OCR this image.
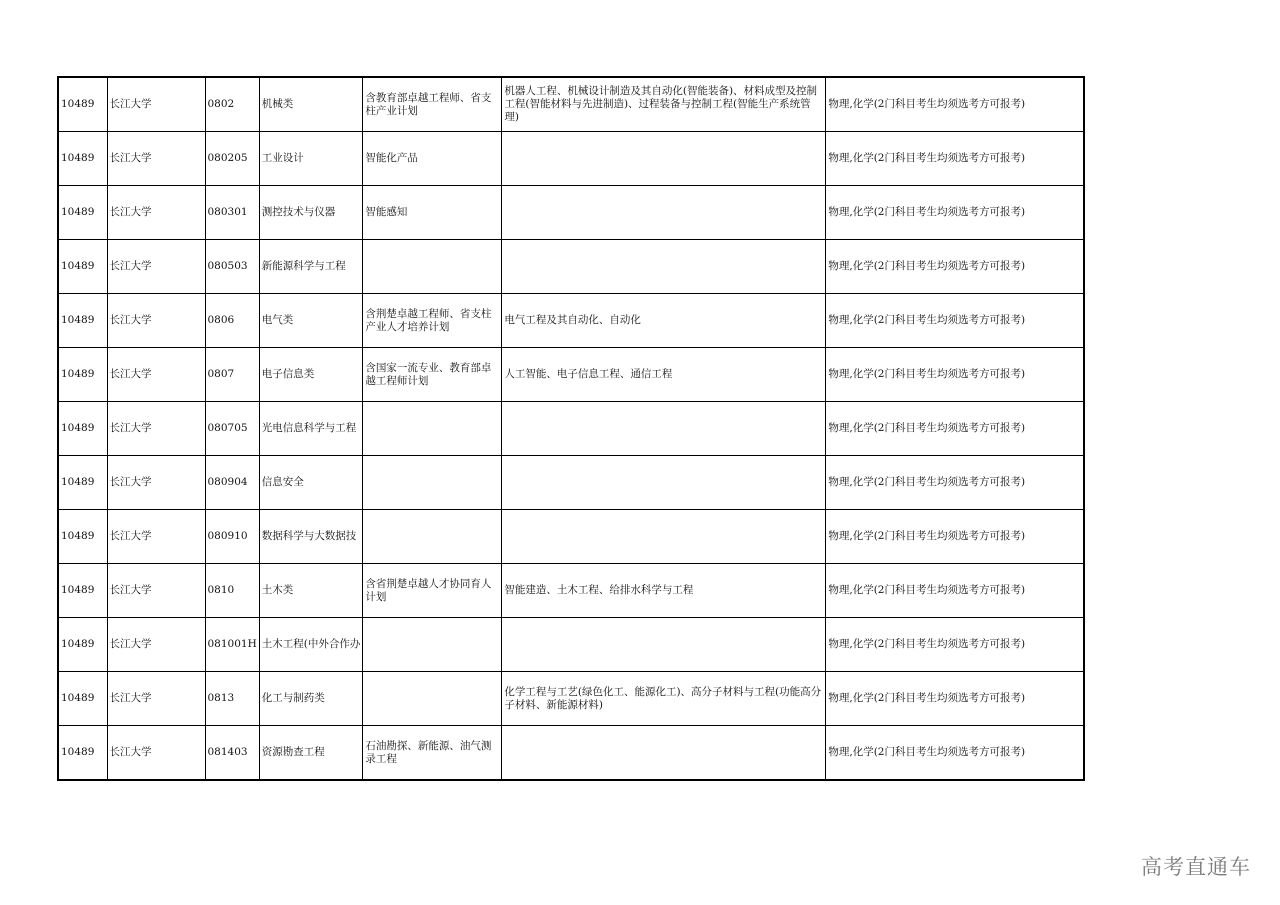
10489	长江大学	0802	机械类	含教育部卓越工程师、省支柱产业计划	机器人工程、机械设计制造及其自动化(智能装备)、材料成型及控制工程(智能材料与先进制造)、过程装备与控制工程(智能生产系统管理)	物理,化学(2门科目考生均须选考方可报考)
10489	长江大学	080205	工业设计	智能化产品		物理,化学(2门科目考生均须选考方可报考)
10489	长江大学	080301	测控技术与仪器	智能感知		物理,化学(2门科目考生均须选考方可报考)
10489	长江大学	080503	新能源科学与工程			物理,化学(2门科目考生均须选考方可报考)
10489	长江大学	0806	电气类	含荆楚卓越工程师、省支柱产业人才培养计划	电气工程及其自动化、自动化	物理,化学(2门科目考生均须选考方可报考)
10489	长江大学	0807	电子信息类	含国家一流专业、教育部卓越工程师计划	人工智能、电子信息工程、通信工程	物理,化学(2门科目考生均须选考方可报考)
10489	长江大学	080705	光电信息科学与工程			物理,化学(2门科目考生均须选考方可报考)
10489	长江大学	080904	信息安全			物理,化学(2门科目考生均须选考方可报考)
10489	长江大学	080910	数据科学与大数据技			物理,化学(2门科目考生均须选考方可报考)
10489	长江大学	0810	土木类	含省荆楚卓越人才协同育人计划	智能建造、土木工程、给排水科学与工程	物理,化学(2门科目考生均须选考方可报考)
10489	长江大学	081001H	土木工程(中外合作办			物理,化学(2门科目考生均须选考方可报考)
10489	长江大学	0813	化工与制药类		化学工程与工艺(绿色化工、能源化工)、高分子材料与工程(功能高分子材料、新能源材料)	物理,化学(2门科目考生均须选考方可报考)
10489	长江大学	081403	资源勘查工程	石油勘探、新能源、油气测录工程		物理,化学(2门科目考生均须选考方可报考)
高考直通车
